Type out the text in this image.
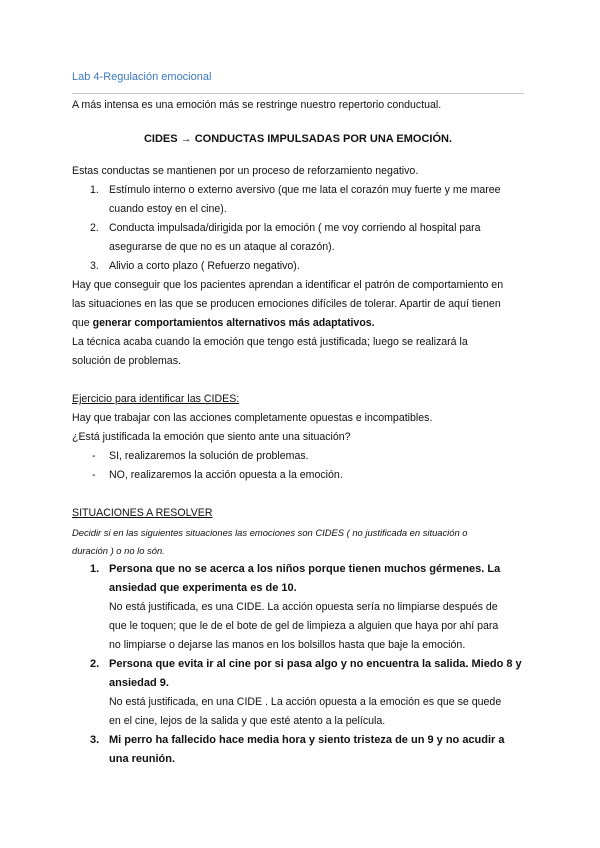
Lab 4-Regulación emocional
A más intensa es una emoción más se restringe nuestro repertorio conductual.
CIDES → CONDUCTAS IMPULSADAS POR UNA EMOCIÓN.
Estas conductas se mantienen por un proceso de reforzamiento negativo.
1. Estímulo interno o externo aversivo (que me lata el corazón muy fuerte y me maree
cuando estoy en el cine).
2. Conducta impulsada/dirigida por la emoción ( me voy corriendo al hospital para
asegurarse de que no es un ataque al corazón).
3. Alivio a corto plazo ( Refuerzo negativo).
Hay que conseguir que los pacientes aprendan a identificar el patrón de comportamiento en
las situaciones en las que se producen emociones difíciles de tolerar. Apartir de aquí tienen
que generar comportamientos alternativos más adaptativos.
La técnica acaba cuando la emoción que tengo está justificada; luego se realizará la
solución de problemas.
Ejercicio para identificar las CIDES:
Hay que trabajar con las acciones completamente opuestas e incompatibles.
¿Está justificada la emoción que siento ante una situación?
- SI, realizaremos la solución de problemas.
- NO, realizaremos la acción opuesta a la emoción.
SITUACIONES A RESOLVER
Decidir si en las siguientes situaciones las emociones son CIDES ( no justificada en situación o
duración ) o no lo són.
1. Persona que no se acerca a los niños porque tienen muchos gérmenes. La
ansiedad que experimenta es de 10.
No está justificada, es una CIDE. La acción opuesta sería no limpiarse después de
que le toquen; que le de el bote de gel de limpieza a alguien que haya por ahí para
no limpiarse o dejarse las manos en los bolsillos hasta que baje la emoción.
2. Persona que evita ir al cine por si pasa algo y no encuentra la salida. Miedo 8 y
ansiedad 9.
No está justificada, en una CIDE . La acción opuesta a la emoción es que se quede
en el cine, lejos de la salida y que esté atento a la película.
3. Mi perro ha fallecido hace media hora y siento tristeza de un 9 y no acudir a
una reunión.
